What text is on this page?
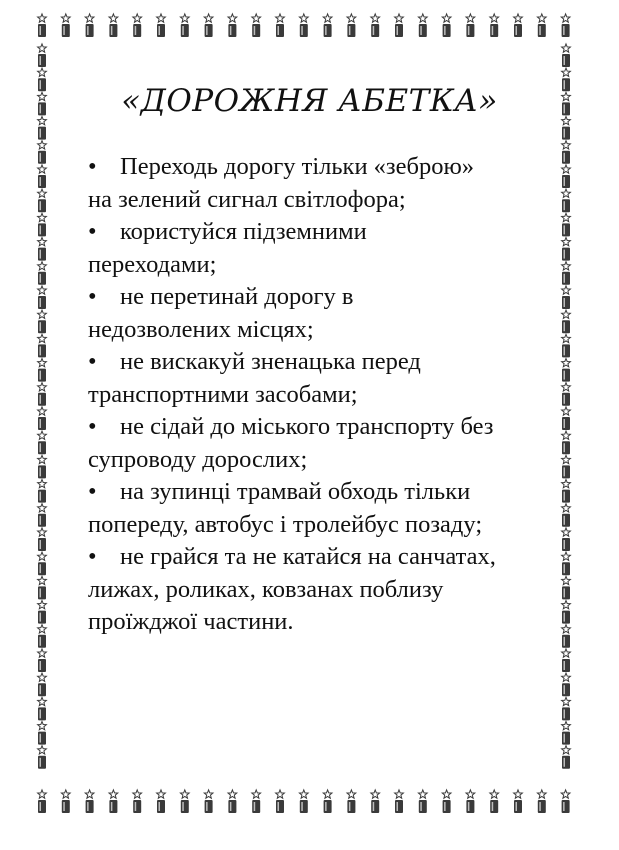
«ДОРОЖНЯ АБЕТКА»
• Переходь дорогу тільки «зеброю»
на зелений сигнал світлофора;
• користуйся підземними
переходами;
• не перетинай дорогу в
недозволених місцях;
• не вискакуй зненацька перед
транспортними засобами;
• не сідай до міського транспорту без
супроводу дорослих;
• на зупинці трамвай обходь тільки
попереду, автобус і тролейбус позаду;
• не грайся та не катайся на санчатах,
лижах, роликах, ковзанах поблизу
проїжджої частини.
